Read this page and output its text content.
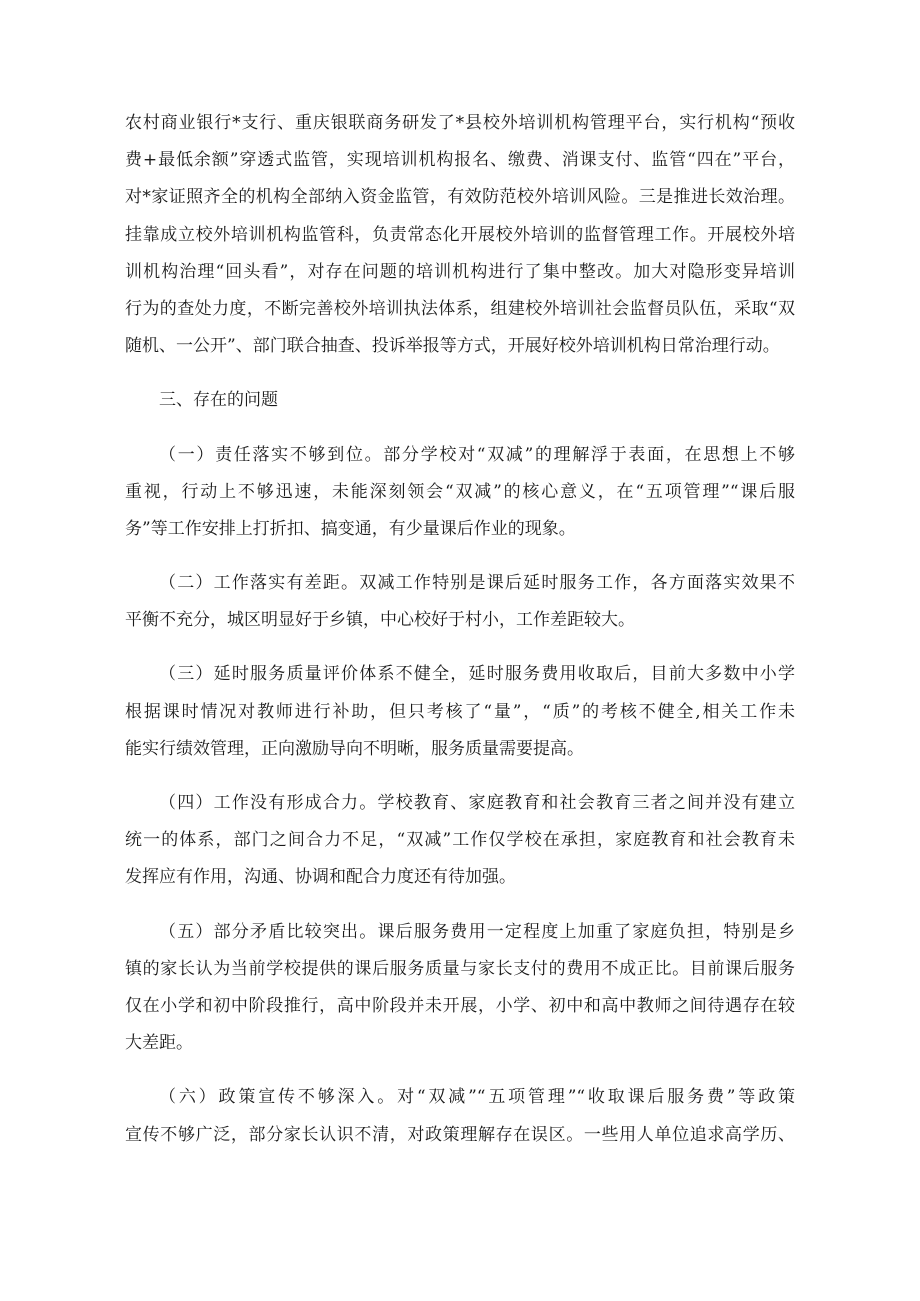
农村商业银行*支行、重庆银联商务研发了*县校外培训机构管理平台，实行机构“预收
费+最低余额”穿透式监管，实现培训机构报名、缴费、消课支付、监管“四在”平台，
对*家证照齐全的机构全部纳入资金监管，有效防范校外培训风险。三是推进长效治理。
挂靠成立校外培训机构监管科，负责常态化开展校外培训的监督管理工作。开展校外培
训机构治理“回头看”，对存在问题的培训机构进行了集中整改。加大对隐形变异培训
行为的查处力度，不断完善校外培训执法体系，组建校外培训社会监督员队伍，采取“双
随机、一公开”、部门联合抽查、投诉举报等方式，开展好校外培训机构日常治理行动。
三、存在的问题
（一）责任落实不够到位。部分学校对“双减”的理解浮于表面，在思想上不够
重视，行动上不够迅速，未能深刻领会“双减”的核心意义，在“五项管理”“课后服
务”等工作安排上打折扣、搞变通，有少量课后作业的现象。
（二）工作落实有差距。双减工作特别是课后延时服务工作，各方面落实效果不
平衡不充分，城区明显好于乡镇，中心校好于村小，工作差距较大。
（三）延时服务质量评价体系不健全，延时服务费用收取后，目前大多数中小学
根据课时情况对教师进行补助，但只考核了“量”，“质”的考核不健全,相关工作未
能实行绩效管理，正向激励导向不明晰，服务质量需要提高。
（四）工作没有形成合力。学校教育、家庭教育和社会教育三者之间并没有建立
统一的体系，部门之间合力不足，“双减”工作仅学校在承担，家庭教育和社会教育未
发挥应有作用，沟通、协调和配合力度还有待加强。
（五）部分矛盾比较突出。课后服务费用一定程度上加重了家庭负担，特别是乡
镇的家长认为当前学校提供的课后服务质量与家长支付的费用不成正比。目前课后服务
仅在小学和初中阶段推行，高中阶段并未开展，小学、初中和高中教师之间待遇存在较
大差距。
（六）政策宣传不够深入。对“双减”“五项管理”“收取课后服务费”等政策
宣传不够广泛，部分家长认识不清，对政策理解存在误区。一些用人单位追求高学历、
